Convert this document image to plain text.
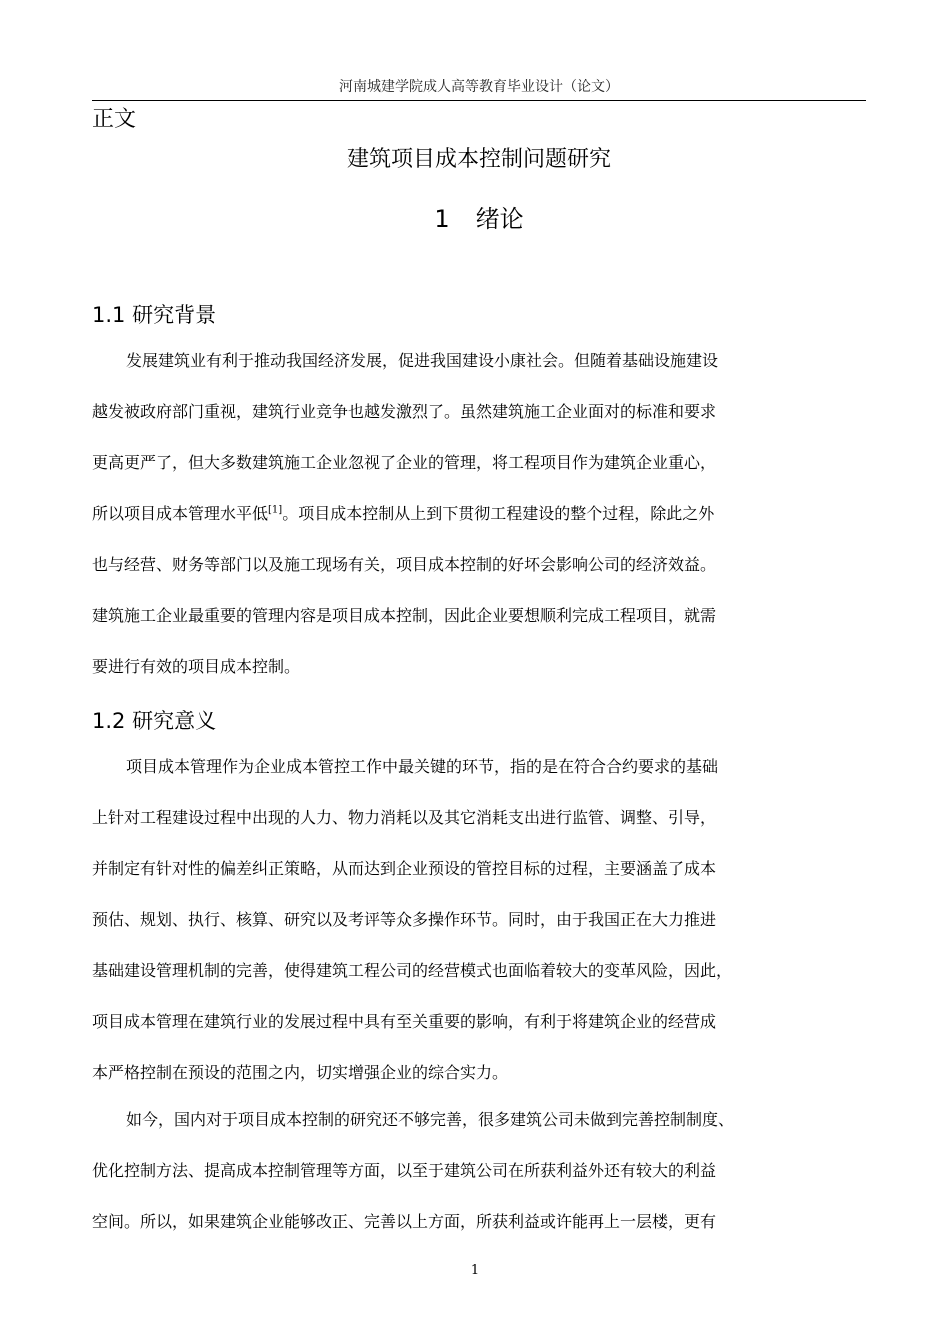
河南城建学院成人高等教育毕业设计（论文）
正文
建筑项目成本控制问题研究
1 绪论
1.1 研究背景
发展建筑业有利于推动我国经济发展，促进我国建设小康社会。但随着基础设施建设
越发被政府部门重视，建筑行业竞争也越发激烈了。虽然建筑施工企业面对的标准和要求
更高更严了，但大多数建筑施工企业忽视了企业的管理，将工程项目作为建筑企业重心，
所以项目成本管理水平低[1]。项目成本控制从上到下贯彻工程建设的整个过程，除此之外
也与经营、财务等部门以及施工现场有关，项目成本控制的好坏会影响公司的经济效益。
建筑施工企业最重要的管理内容是项目成本控制，因此企业要想顺利完成工程项目，就需
要进行有效的项目成本控制。
1.2 研究意义
项目成本管理作为企业成本管控工作中最关键的环节，指的是在符合合约要求的基础
上针对工程建设过程中出现的人力、物力消耗以及其它消耗支出进行监管、调整、引导，
并制定有针对性的偏差纠正策略，从而达到企业预设的管控目标的过程，主要涵盖了成本
预估、规划、执行、核算、研究以及考评等众多操作环节。同时，由于我国正在大力推进
基础建设管理机制的完善，使得建筑工程公司的经营模式也面临着较大的变革风险，因此，
项目成本管理在建筑行业的发展过程中具有至关重要的影响，有利于将建筑企业的经营成
本严格控制在预设的范围之内，切实增强企业的综合实力。
如今，国内对于项目成本控制的研究还不够完善，很多建筑公司未做到完善控制制度、
优化控制方法、提高成本控制管理等方面，以至于建筑公司在所获利益外还有较大的利益
空间。所以，如果建筑企业能够改正、完善以上方面，所获利益或许能再上一层楼，更有
1
